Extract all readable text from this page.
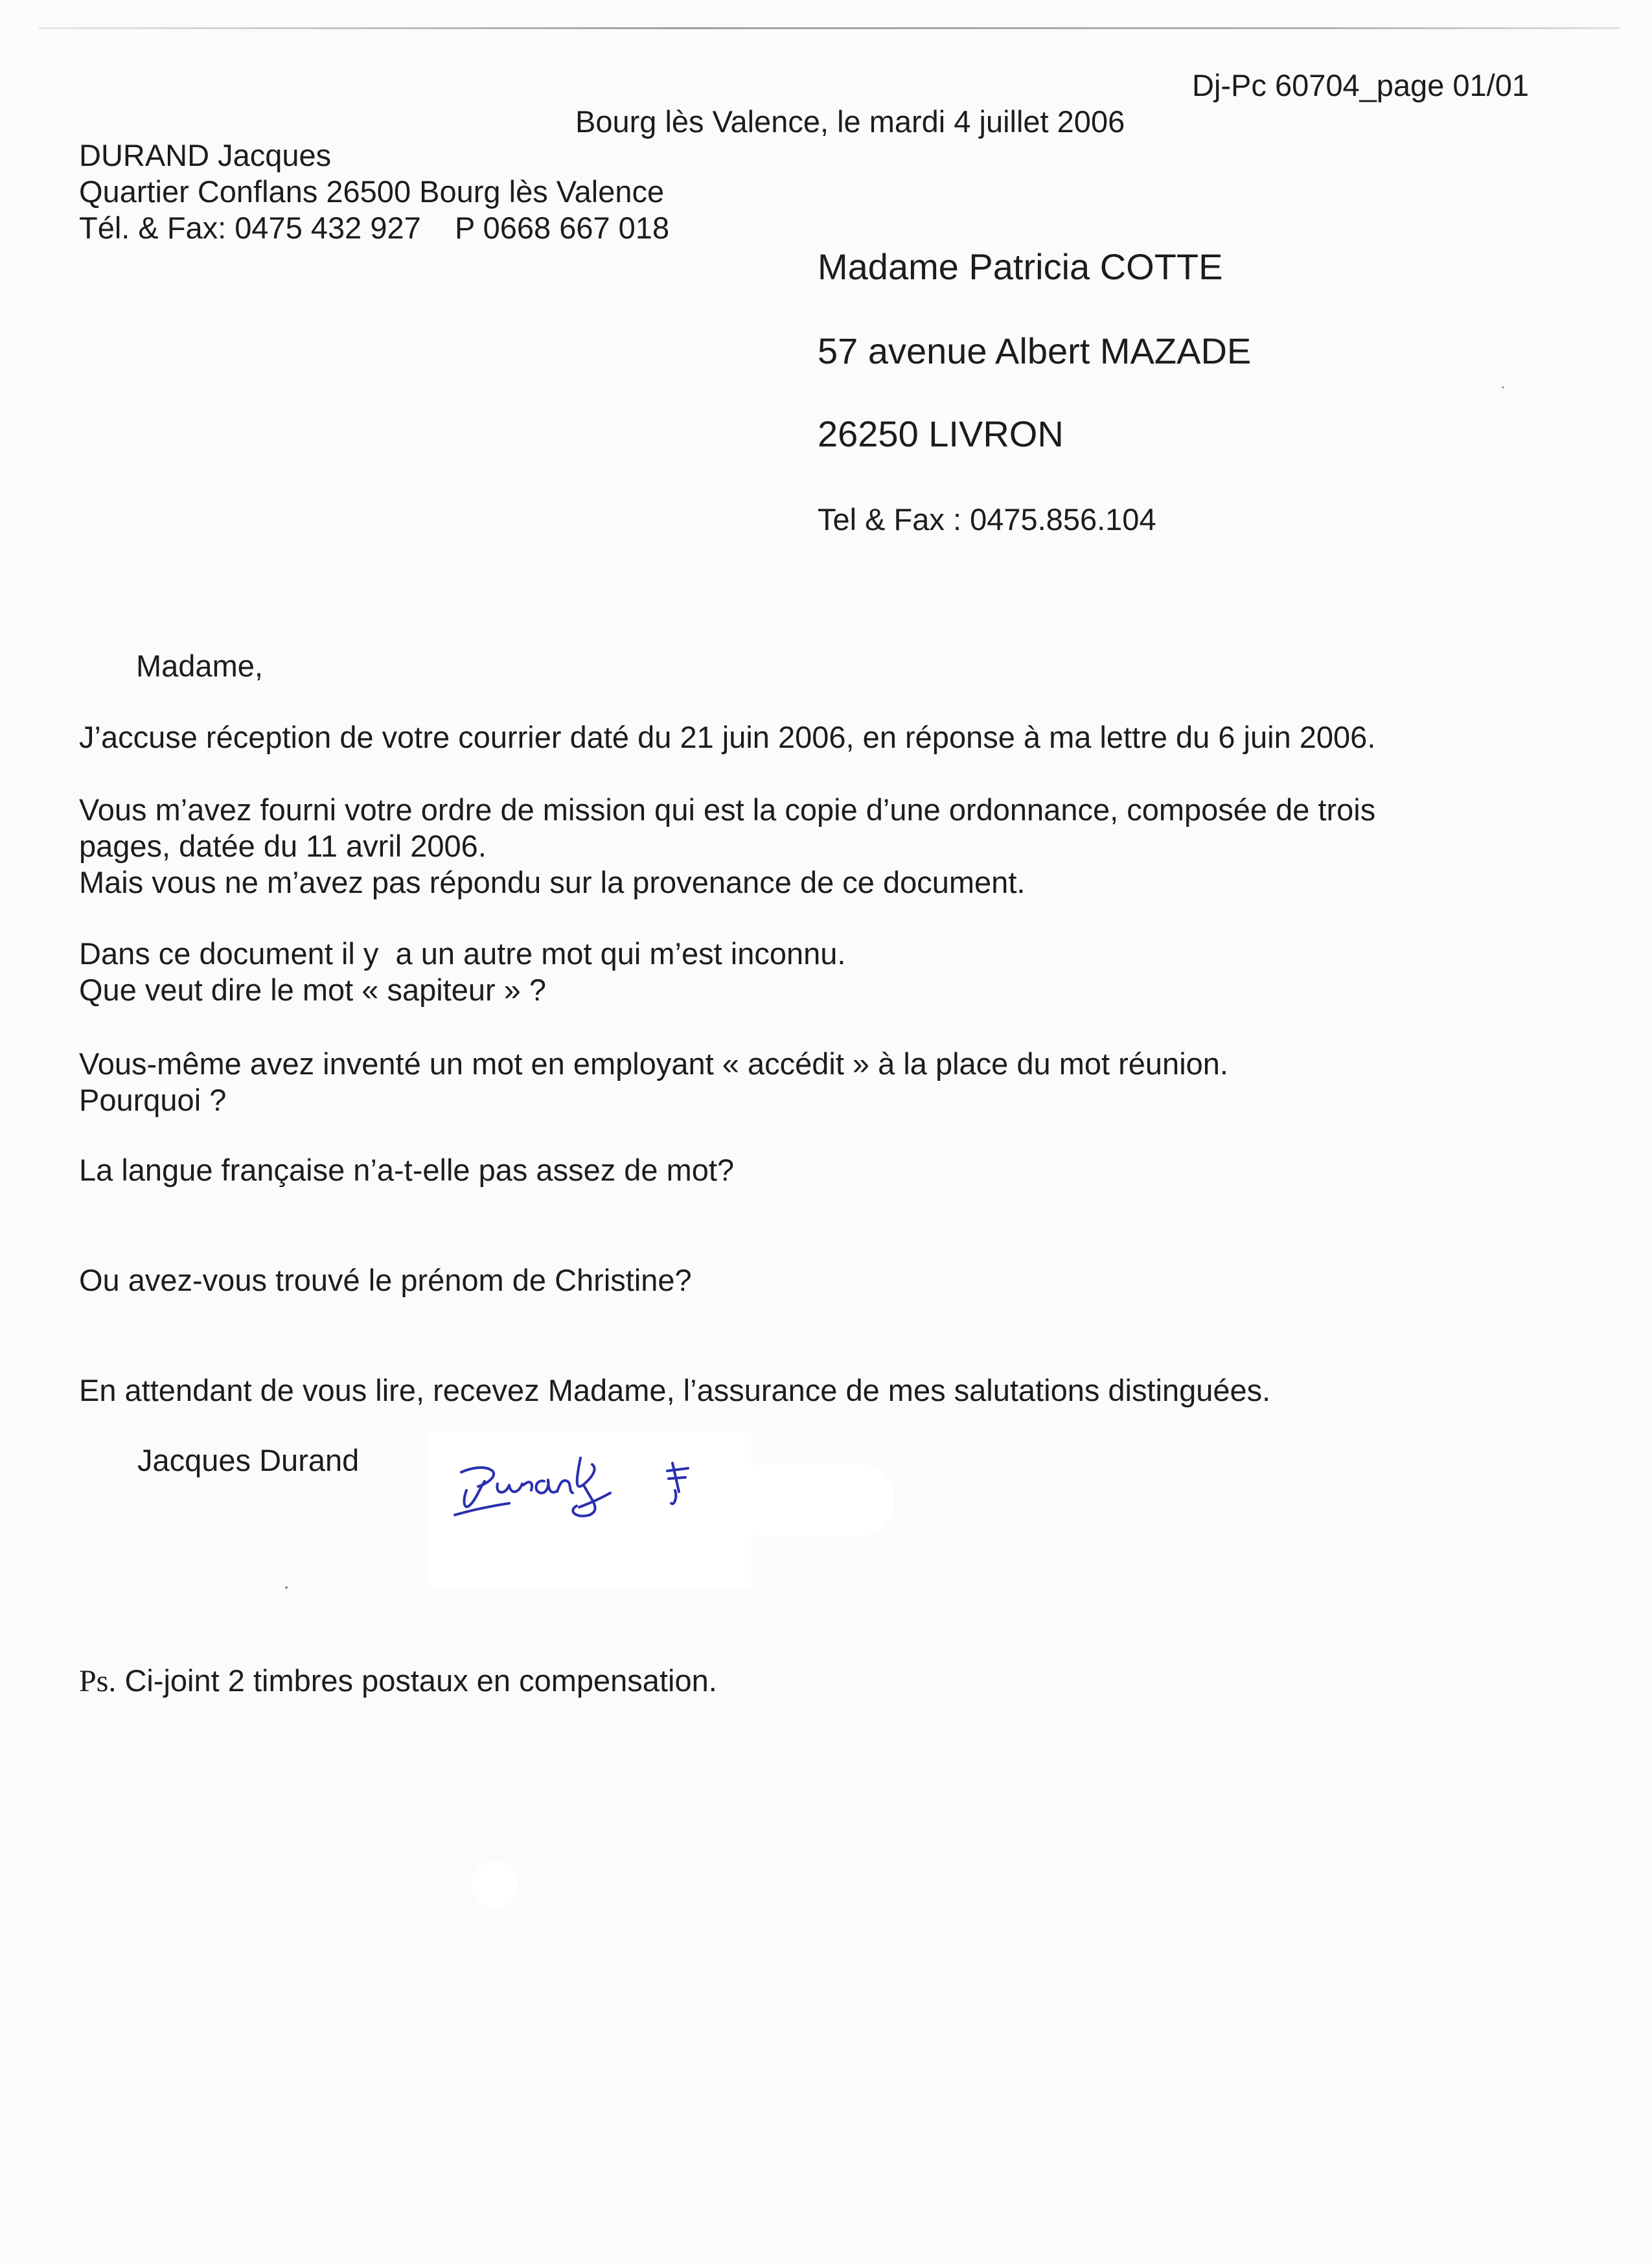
Dj-Pc 60704_page 01/01
Bourg lès Valence, le mardi 4 juillet 2006
DURAND Jacques
Quartier Conflans 26500 Bourg lès Valence
Tél. & Fax: 0475 432 927    P 0668 667 018
Madame Patricia COTTE
57 avenue Albert MAZADE
26250 LIVRON
Tel & Fax : 0475.856.104
Madame,
J’accuse réception de votre courrier daté du 21 juin 2006, en réponse à ma lettre du 6 juin 2006.
Vous m’avez fourni votre ordre de mission qui est la copie d’une ordonnance, composée de trois
pages, datée du 11 avril 2006.
Mais vous ne m’avez pas répondu sur la provenance de ce document.
Dans ce document il y  a un autre mot qui m’est inconnu.
Que veut dire le mot « sapiteur » ?
Vous-même avez inventé un mot en employant « accédit » à la place du mot réunion.
Pourquoi ?
La langue française n’a-t-elle pas assez de mot?
Ou avez-vous trouvé le prénom de Christine?
En attendant de vous lire, recevez Madame, l’assurance de mes salutations distinguées.
Jacques Durand
Ps. Ci-joint 2 timbres postaux en compensation.
